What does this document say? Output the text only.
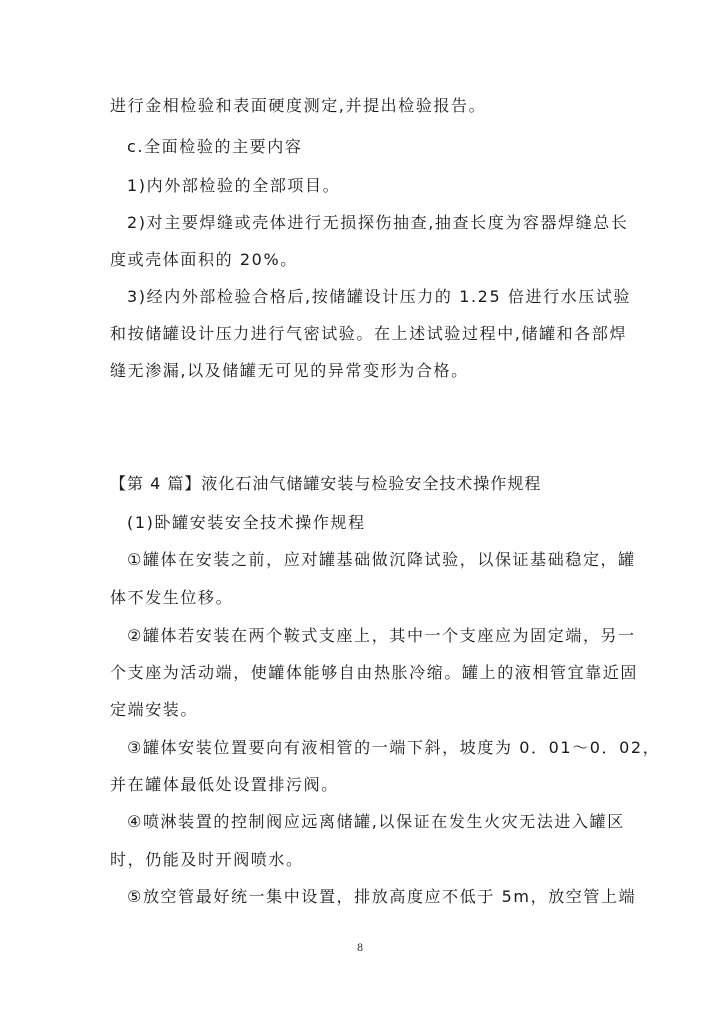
进行金相检验和表面硬度测定,并提出检验报告。
c.全面检验的主要内容
1)内外部检验的全部项目。
2)对主要焊缝或壳体进行无损探伤抽查,抽查长度为容器焊缝总长
度或壳体面积的 20%。
3)经内外部检验合格后,按储罐设计压力的 1.25 倍进行水压试验
和按储罐设计压力进行气密试验。在上述试验过程中,储罐和各部焊
缝无渗漏,以及储罐无可见的异常变形为合格。
【第 4 篇】液化石油气储罐安装与检验安全技术操作规程
(1)卧罐安装安全技术操作规程
①罐体在安装之前，应对罐基础做沉降试验，以保证基础稳定，罐
体不发生位移。
②罐体若安装在两个鞍式支座上，其中一个支座应为固定端，另一
个支座为活动端，使罐体能够自由热胀冷缩。罐上的液相管宜靠近固
定端安装。
③罐体安装位置要向有液相管的一端下斜，坡度为 0．01～0．02，
并在罐体最低处设置排污阀。
④喷淋装置的控制阀应远离储罐,以保证在发生火灾无法进入罐区
时，仍能及时开阀喷水。
⑤放空管最好统一集中设置，排放高度应不低于 5m，放空管上端
8
